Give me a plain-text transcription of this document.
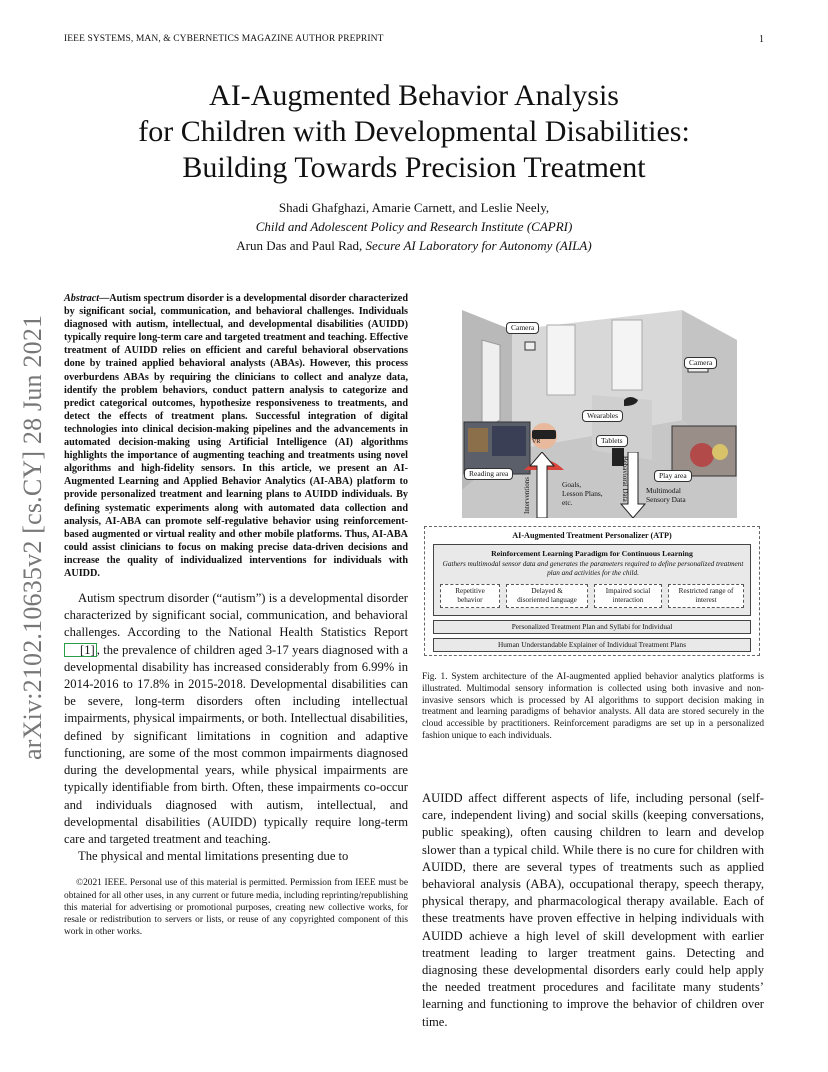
IEEE SYSTEMS, MAN, & CYBERNETICS MAGAZINE AUTHOR PREPRINT	1
arXiv:2102.10635v2 [cs.CY] 28 Jun 2021
AI-Augmented Behavior Analysis
for Children with Developmental Disabilities:
Building Towards Precision Treatment
Shadi Ghafghazi, Amarie Carnett, and Leslie Neely,
Child and Adolescent Policy and Research Institute (CAPRI)
Arun Das and Paul Rad, Secure AI Laboratory for Autonomy (AILA)

Abstract—Autism spectrum disorder is a developmental disorder characterized by significant social, communication, and behavioral challenges. Individuals diagnosed with autism, intellectual, and developmental disabilities (AUIDD) typically require long-term care and targeted treatment and teaching. Effective treatment of AUIDD relies on efficient and careful behavioral observations done by trained applied behavioral analysts (ABAs). However, this process overburdens ABAs by requiring the clinicians to collect and analyze data, identify the problem behaviors, conduct pattern analysis to categorize and predict categorical outcomes, hypothesize responsiveness to treatments, and detect the effects of treatment plans. Successful integration of digital technologies into clinical decision-making pipelines and the advancements in automated decision-making using Artificial Intelligence (AI) algorithms highlights the importance of augmenting teaching and treatments using novel algorithms and high-fidelity sensors. In this article, we present an AI-Augmented Learning and Applied Behavior Analytics (AI-ABA) platform to provide personalized treatment and learning plans to AUIDD individuals. By defining systematic experiments along with automated data collection and analysis, AI-ABA can promote self-regulative behavior using reinforcement-based augmented or virtual reality and other mobile platforms. Thus, AI-ABA could assist clinicians to focus on making precise data-driven decisions and increase the quality of individualized interventions for individuals with AUIDD.

Autism spectrum disorder (“autism”) is a developmental disorder characterized by significant social, communication, and behavioral challenges. According to the National Health Statistics Report [1] , the prevalence of children aged 3-17 years diagnosed with a developmental disability has increased considerably from 6.99% in 2014-2016 to 17.8% in 2015-2018. Developmental disabilities can be severe, long-term disorders often including intellectual impairments, physical impairments, or both. Intellectual disabilities, defined by significant limitations in cognition and adaptive functioning, are some of the most common impairments diagnosed during the developmental years, while physical impairments are typically identifiable from birth. Often, these impairments co-occur and individuals diagnosed with autism, intellectual, and developmental disabilities (AUIDD) typically require long-term care and targeted treatment and teaching.

The physical and mental limitations presenting due to

©2021 IEEE. Personal use of this material is permitted. Permission from IEEE must be obtained for all other uses, in any current or future media, including reprinting/republishing this material for advertising or promotional purposes, creating new collective works, for resale or redistribution to servers or lists, or reuse of any copyrighted component of this work in other works.

Camera
Camera
VR
Wearables
Tablets
Reading area	Play area
Interventions	Behavioral Data
Goals,
Lesson Plans,
etc.
Multimodal
Sensory Data
AI-Augmented Treatment Personalizer (ATP)
Reinforcement Learning Paradigm for Continuous Learning
Gathers multimodal sensor data and generates the parameters required to define personalized treatment plan and activities for the child.
Repetitive
behavior
Delayed &
disoriented language
Impaired social
interaction
Restricted range of
interest
Personalized Treatment Plan and Syllabi for Individual
Human Understandable Explainer of Individual Treatment Plans

Fig. 1. System architecture of the AI-augmented applied behavior analytics platforms is illustrated. Multimodal sensory information is collected using both invasive and non-invasive sensors which is processed by AI algorithms to support decision making in treatment and learning paradigms of behavior analysts. All data are stored securely in the cloud accessible by practitioners. Reinforcement paradigms are set up in a personalized fashion unique to each individuals.

AUIDD affect different aspects of life, including personal (self-care, independent living) and social skills (keeping conversations, public speaking), often causing children to learn and develop slower than a typical child. While there is no cure for children with AUIDD, there are several types of treatments such as applied behavioral analysis (ABA), occupational therapy, speech therapy, physical therapy, and pharmacological therapy available. Each of these treatments have proven effective in helping individuals with AUIDD achieve a high level of skill development with earlier treatment leading to larger treatment gains. Detecting and diagnosing these developmental disorders early could help apply the needed treatment procedures and facilitate many students’ learning and functioning to improve the behavior of children over time.
